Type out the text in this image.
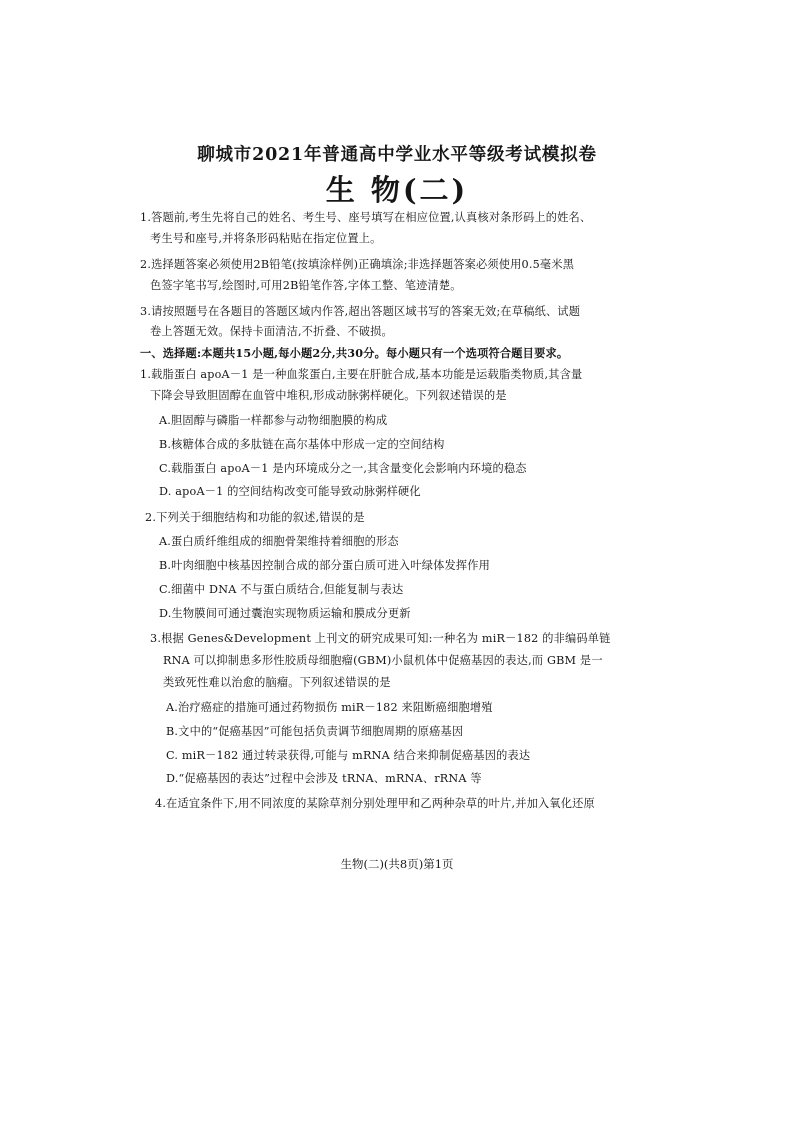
聊城市2021年普通高中学业水平等级考试模拟卷
生 物(二)
1.答题前,考生先将自己的姓名、考生号、座号填写在相应位置,认真核对条形码上的姓名、
考生号和座号,并将条形码粘贴在指定位置上。
2.选择题答案必须使用2B铅笔(按填涂样例)正确填涂;非选择题答案必须使用0.5毫米黑
色签字笔书写,绘图时,可用2B铅笔作答,字体工整、笔迹清楚。
3.请按照题号在各题目的答题区域内作答,超出答题区域书写的答案无效;在草稿纸、试题
卷上答题无效。保持卡面清洁,不折叠、不破损。
一、选择题:本题共15小题,每小题2分,共30分。每小题只有一个选项符合题目要求。
1.载脂蛋白 apoA－1 是一种血浆蛋白,主要在肝脏合成,基本功能是运载脂类物质,其含量
下降会导致胆固醇在血管中堆积,形成动脉粥样硬化。下列叙述错误的是
A.胆固醇与磷脂一样都参与动物细胞膜的构成
B.核糖体合成的多肽链在高尔基体中形成一定的空间结构
C.载脂蛋白 apoA－1 是内环境成分之一,其含量变化会影响内环境的稳态
D. apoA－1 的空间结构改变可能导致动脉粥样硬化
2.下列关于细胞结构和功能的叙述,错误的是
A.蛋白质纤维组成的细胞骨架维持着细胞的形态
B.叶肉细胞中核基因控制合成的部分蛋白质可进入叶绿体发挥作用
C.细菌中 DNA 不与蛋白质结合,但能复制与表达
D.生物膜间可通过囊泡实现物质运输和膜成分更新
3.根据 Genes&Development 上刊文的研究成果可知:一种名为 miR－182 的非编码单链
RNA 可以抑制患多形性胶质母细胞瘤(GBM)小鼠机体中促癌基因的表达,而 GBM 是一
类致死性难以治愈的脑瘤。下列叙述错误的是
A.治疗癌症的措施可通过药物损伤 miR－182 来阻断癌细胞增殖
B.文中的“促癌基因”可能包括负责调节细胞周期的原癌基因
C. miR－182 通过转录获得,可能与 mRNA 结合来抑制促癌基因的表达
D.“促癌基因的表达”过程中会涉及 tRNA、mRNA、rRNA 等
4.在适宜条件下,用不同浓度的某除草剂分别处理甲和乙两种杂草的叶片,并加入氧化还原
生物(二)(共8页)第1页
